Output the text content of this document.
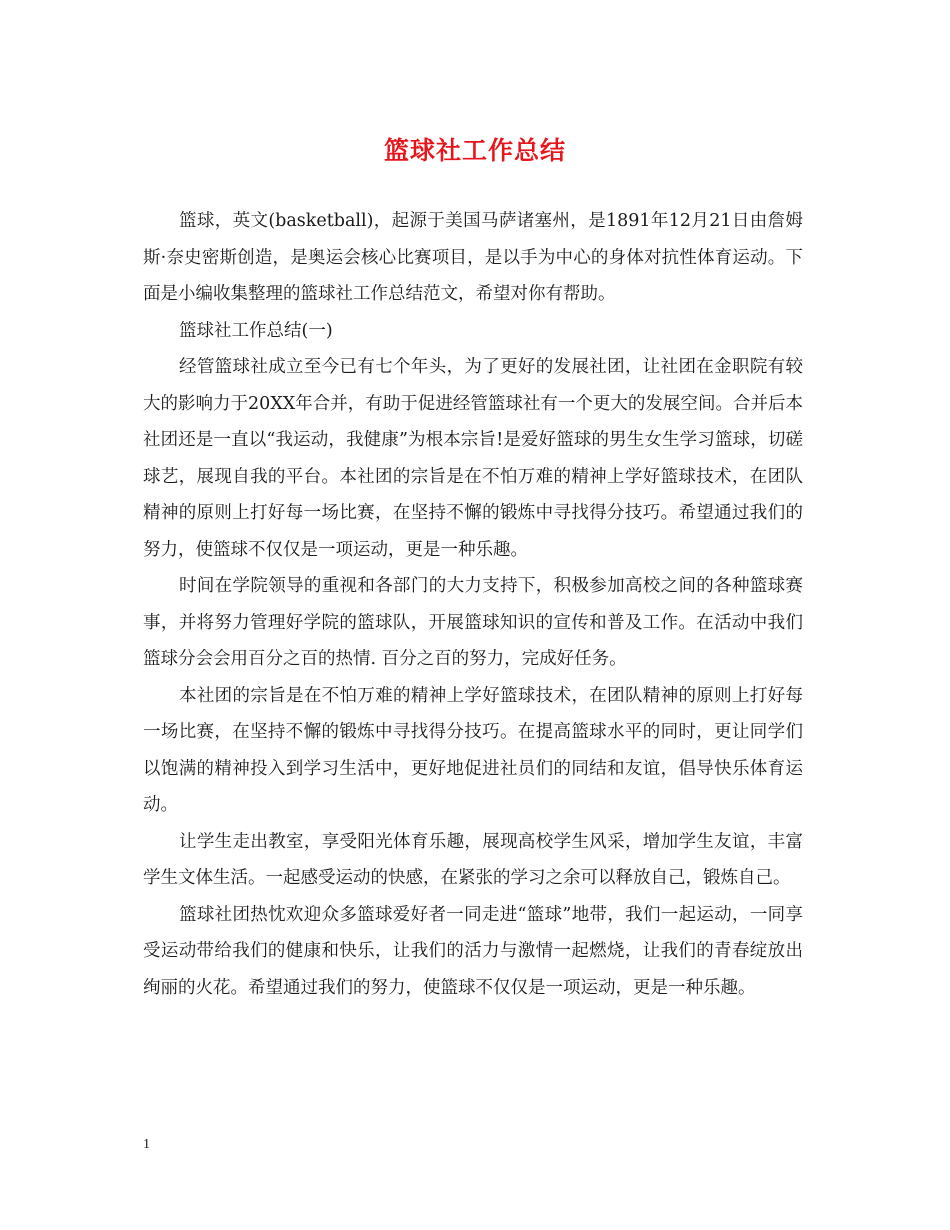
篮球社工作总结

篮球，英文(basketball)，起源于美国马萨诸塞州，是1891年12月21日由詹姆斯·奈史密斯创造，是奥运会核心比赛项目，是以手为中心的身体对抗性体育运动。下面是小编收集整理的篮球社工作总结范文，希望对你有帮助。

篮球社工作总结(一)

经管篮球社成立至今已有七个年头，为了更好的发展社团，让社团在金职院有较大的影响力于20XX年合并，有助于促进经管篮球社有一个更大的发展空间。合并后本社团还是一直以“我运动，我健康”为根本宗旨!是爱好篮球的男生女生学习篮球，切磋球艺，展现自我的平台。本社团的宗旨是在不怕万难的精神上学好篮球技术，在团队精神的原则上打好每一场比赛，在坚持不懈的锻炼中寻找得分技巧。希望通过我们的努力，使篮球不仅仅是一项运动，更是一种乐趣。

时间在学院领导的重视和各部门的大力支持下，积极参加高校之间的各种篮球赛事，并将努力管理好学院的篮球队，开展篮球知识的宣传和普及工作。在活动中我们篮球分会会用百分之百的热情. 百分之百的努力，完成好任务。

本社团的宗旨是在不怕万难的精神上学好篮球技术，在团队精神的原则上打好每一场比赛，在坚持不懈的锻炼中寻找得分技巧。在提高篮球水平的同时，更让同学们以饱满的精神投入到学习生活中，更好地促进社员们的同结和友谊，倡导快乐体育运动。

让学生走出教室，享受阳光体育乐趣，展现高校学生风采，增加学生友谊，丰富学生文体生活。一起感受运动的快感，在紧张的学习之余可以释放自己，锻炼自己。

篮球社团热忱欢迎众多篮球爱好者一同走进“篮球”地带，我们一起运动，一同享受运动带给我们的健康和快乐，让我们的活力与激情一起燃烧，让我们的青春绽放出绚丽的火花。希望通过我们的努力，使篮球不仅仅是一项运动，更是一种乐趣。

1
